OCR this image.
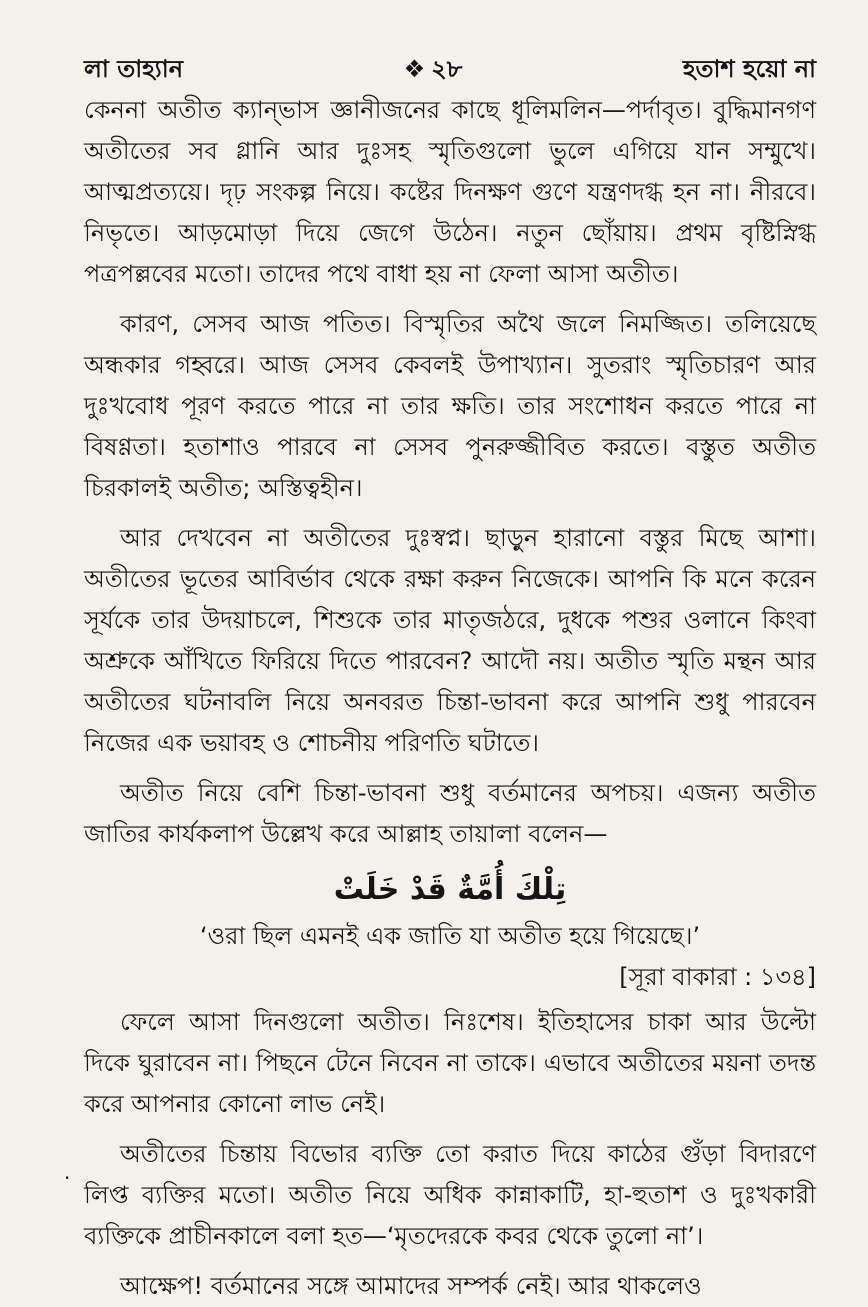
লা তাহ্যান	❖ ২৮	হতাশ হয়ো না

কেননা অতীত ক্যান্‌ভাস জ্ঞানীজনের কাছে ধূলিমলিন—পর্দাবৃত। বুদ্ধিমানগণ অতীতের সব গ্লানি আর দুঃসহ স্মৃতিগুলো ভুলে এগিয়ে যান সম্মুখে। আত্মপ্রত্যয়ে। দৃঢ় সংকল্প নিয়ে। কষ্টের দিনক্ষণ গুণে যন্ত্রণদগ্ধ হন না। নীরবে। নিভৃতে। আড়মোড়া দিয়ে জেগে উঠেন। নতুন ছোঁয়ায়। প্রথম বৃষ্টিস্নিগ্ধ পত্রপল্লবের মতো। তাদের পথে বাধা হয় না ফেলা আসা অতীত।

কারণ, সেসব আজ পতিত। বিস্মৃতির অথৈ জলে নিমজ্জিত। তলিয়েছে অন্ধকার গহ্বরে। আজ সেসব কেবলই উপাখ্যান। সুতরাং স্মৃতিচারণ আর দুঃখবোধ পূরণ করতে পারে না তার ক্ষতি। তার সংশোধন করতে পারে না বিষণ্ণতা। হতাশাও পারবে না সেসব পুনরুজ্জীবিত করতে। বস্তুত অতীত চিরকালই অতীত; অস্তিত্বহীন।

আর দেখবেন না অতীতের দুঃস্বপ্ন। ছাড়ুন হারানো বস্তুর মিছে আশা। অতীতের ভূতের আবির্ভাব থেকে রক্ষা করুন নিজেকে। আপনি কি মনে করেন সূর্যকে তার উদয়াচলে, শিশুকে তার মাতৃজঠরে, দুধকে পশুর ওলানে কিংবা অশ্রুকে আঁখিতে ফিরিয়ে দিতে পারবেন? আদৌ নয়। অতীত স্মৃতি মন্থন আর অতীতের ঘটনাবলি নিয়ে অনবরত চিন্তা-ভাবনা করে আপনি শুধু পারবেন নিজের এক ভয়াবহ ও শোচনীয় পরিণতি ঘটাতে।

অতীত নিয়ে বেশি চিন্তা-ভাবনা শুধু বর্তমানের অপচয়। এজন্য অতীত জাতির কার্যকলাপ উল্লেখ করে আল্লাহ তায়ালা বলেন—

تِلْكَ أُمَّةٌ قَدْ خَلَتْ

‘ওরা ছিল এমনই এক জাতি যা অতীত হয়ে গিয়েছে।’

[সূরা বাকারা : ১৩৪]

ফেলে আসা দিনগুলো অতীত। নিঃশেষ। ইতিহাসের চাকা আর উল্টো দিকে ঘুরাবেন না। পিছনে টেনে নিবেন না তাকে। এভাবে অতীতের ময়না তদন্ত করে আপনার কোনো লাভ নেই।

অতীতের চিন্তায় বিভোর ব্যক্তি তো করাত দিয়ে কাঠের গুঁড়া বিদারণে লিপ্ত ব্যক্তির মতো। অতীত নিয়ে অধিক কান্নাকাটি, হা-হুতাশ ও দুঃখকারী ব্যক্তিকে প্রাচীনকালে বলা হত—‘মৃতদেরকে কবর থেকে তুলো না’।

আক্ষেপ! বর্তমানের সঙ্গে আমাদের সম্পর্ক নেই। আর থাকলেও

·
